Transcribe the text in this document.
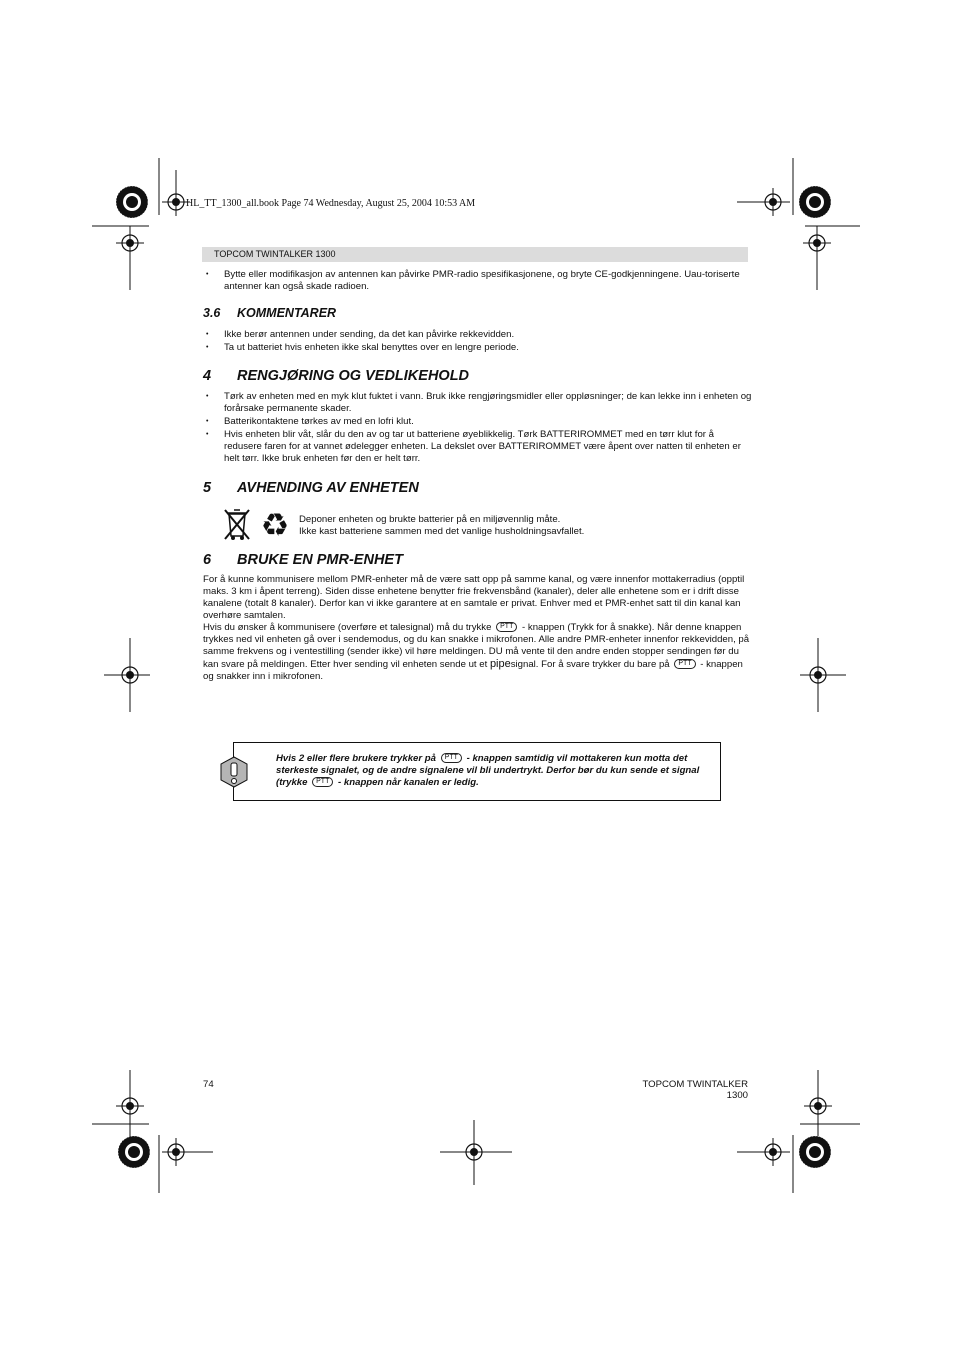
HL_TT_1300_all.book Page 74 Wednesday, August 25, 2004 10:53 AM
TOPCOM TWINTALKER 1300
• Bytte eller modifikasjon av antennen kan påvirke PMR-radio spesifikasjonene, og bryte CE-godkjenningene. Uau-toriserte antenner kan også skade radioen.
3.6 KOMMENTARER
• Ikke berør antennen under sending, da det kan påvirke rekkevidden.
• Ta ut batteriet hvis enheten ikke skal benyttes over en lengre periode.
4 RENGJØRING OG VEDLIKEHOLD
• Tørk av enheten med en myk klut fuktet i vann. Bruk ikke rengjøringsmidler eller oppløsninger; de kan lekke inn i enheten og forårsake permanente skader.
• Batterikontaktene tørkes av med en lofri klut.
• Hvis enheten blir våt, slår du den av og tar ut batteriene øyeblikkelig. Tørk BATTERIROMMET med en tørr klut for å redusere faren for at vannet ødelegger enheten. La dekslet over BATTERIROMMET være åpent over natten til enheten er helt tørr. Ikke bruk enheten før den er helt tørr.
5 AVHENDING AV ENHETEN
♻ Deponer enheten og brukte batterier på en miljøvennlig måte.
Ikke kast batteriene sammen med det vanlige husholdningsavfallet.
6 BRUKE EN PMR-ENHET
For å kunne kommunisere mellom PMR-enheter må de være satt opp på samme kanal, og være innenfor mottakerradius (opptil maks. 3 km i åpent terreng). Siden disse enhetene benytter frie frekvensbånd (kanaler), deler alle enhetene som er i drift disse kanalene (totalt 8 kanaler). Derfor kan vi ikke garantere at en samtale er privat. Enhver med et PMR-enhet satt til din kanal kan overhøre samtalen.
Hvis du ønsker å kommunisere (overføre et talesignal) må du trykke PTT - knappen (Trykk for å snakke). Når denne knappen trykkes ned vil enheten gå over i sendemodus, og du kan snakke i mikrofonen. Alle andre PMR-enheter innenfor rekkevidden, på samme frekvens og i ventestilling (sender ikke) vil høre meldingen. DU må vente til den andre enden stopper sendingen før du kan svare på meldingen. Etter hver sending vil enheten sende ut et pipesignal. For å svare trykker du bare på PTT - knappen og snakker inn i mikrofonen.
Hvis 2 eller flere brukere trykker på PTT - knappen samtidig vil mottakeren kun motta det sterkeste signalet, og de andre signalene vil bli undertrykt. Derfor bør du kun sende et signal (trykke PTT - knappen når kanalen er ledig.
74	TOPCOM TWINTALKER 1300
